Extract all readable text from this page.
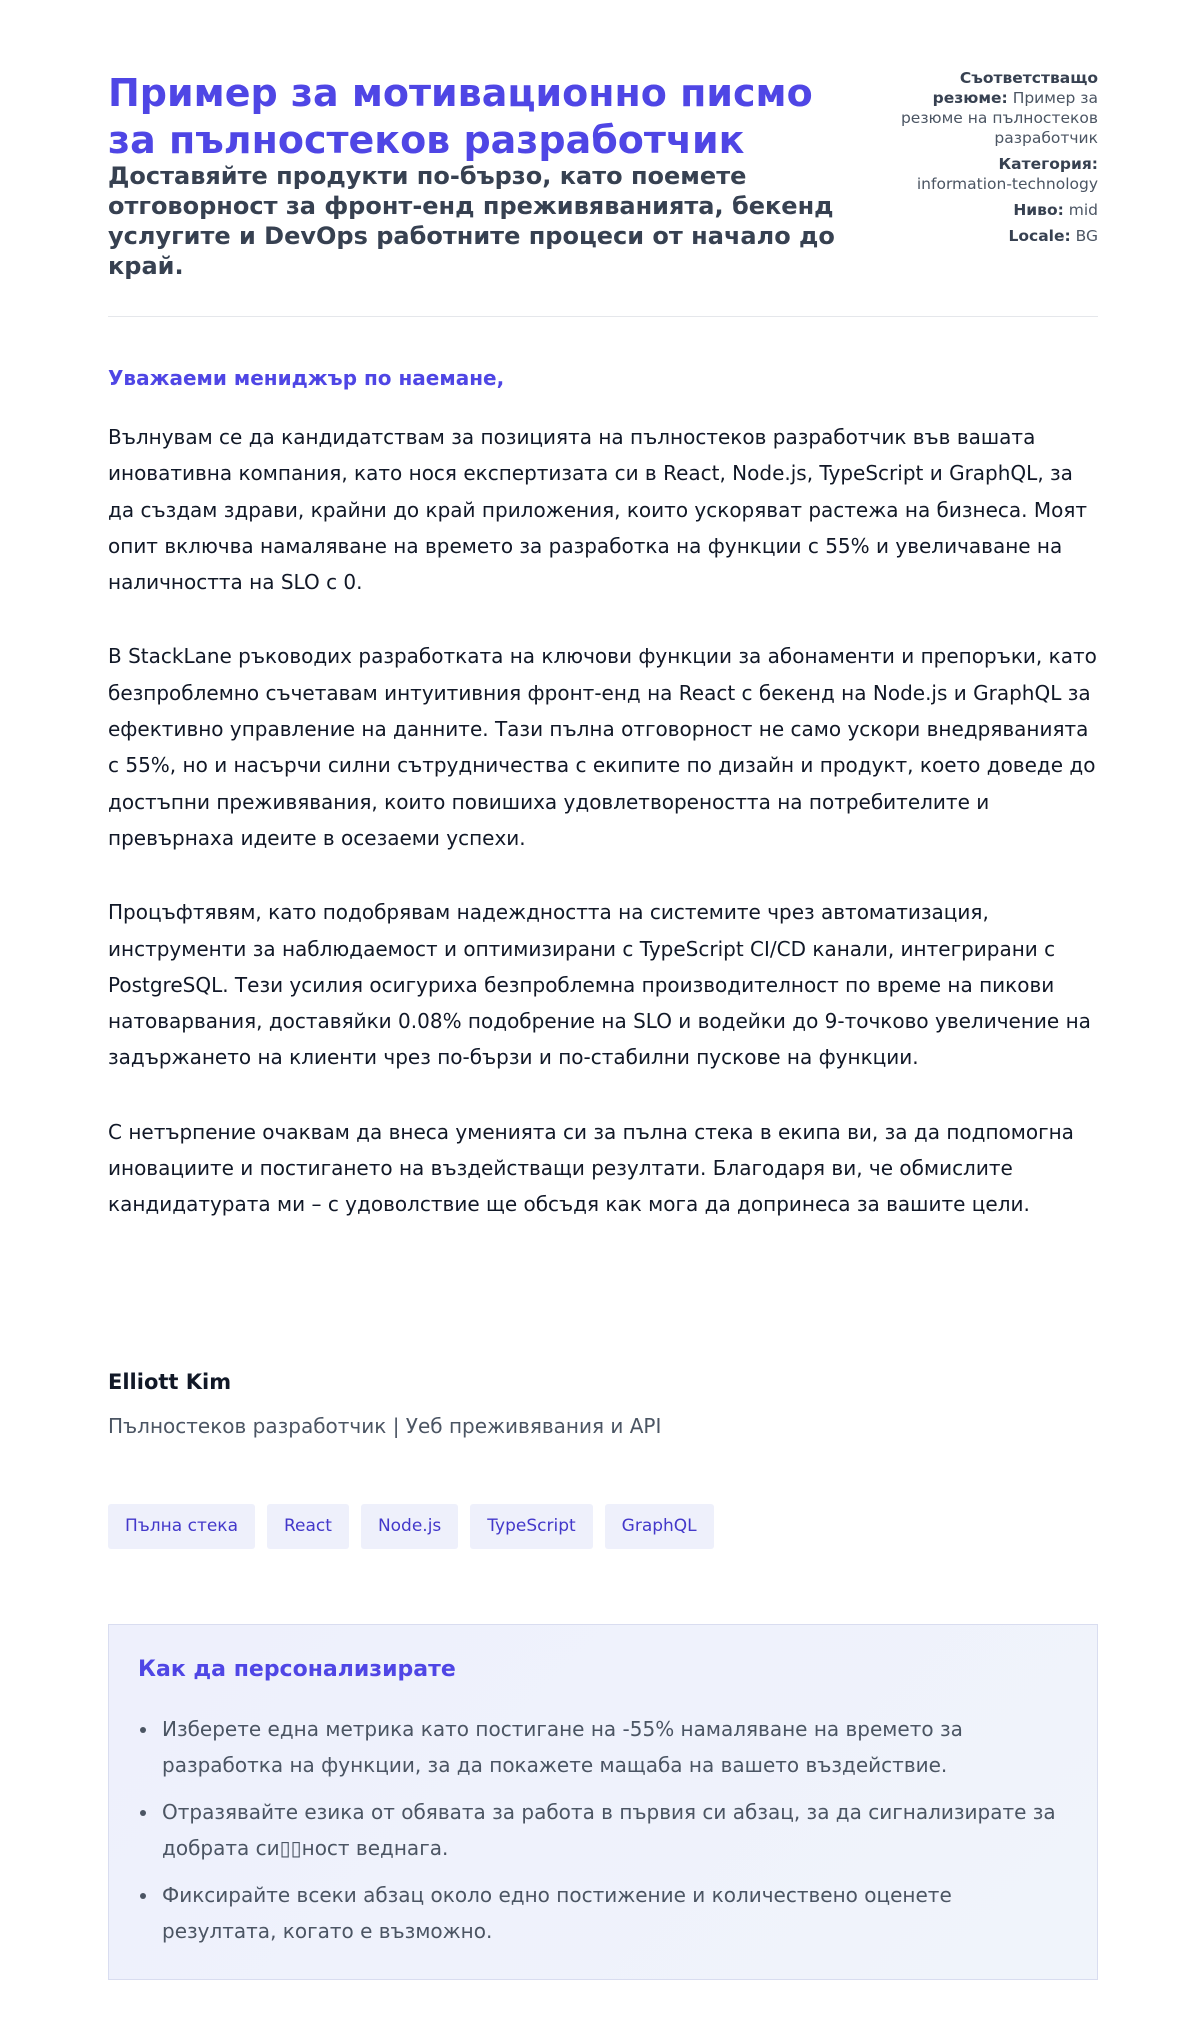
Пример за мотивационно писмо за пълностеков разработчик
Доставяйте продукти по-бързо, като поемете отговорност за фронт-енд преживяванията, бекенд услугите и DevOps работните процеси от начало до край.
Съответстващо резюме: Пример за резюме на пълностеков разработчик
Категория:
information-technology
Ниво: mid
Locale: BG

Уважаеми мениджър по наемане,

Вълнувам се да кандидатствам за позицията на пълностеков разработчик във вашата иновативна компания, като нося експертизата си в React, Node.js, TypeScript и GraphQL, за да създам здрави, крайни до край приложения, които ускоряват растежа на бизнеса. Моят опит включва намаляване на времето за разработка на функции с 55% и увеличаване на наличността на SLO с 0.

В StackLane ръководих разработката на ключови функции за абонаменти и препоръки, като безпроблемно съчетавам интуитивния фронт-енд на React с бекенд на Node.js и GraphQL за ефективно управление на данните. Тази пълна отговорност не само ускори внедряванията с 55%, но и насърчи силни сътрудничества с екипите по дизайн и продукт, което доведе до достъпни преживявания, които повишиха удовлетвореността на потребителите и превърнаха идеите в осезаеми успехи.

Процъфтявям, като подобрявам надеждността на системите чрез автоматизация, инструменти за наблюдаемост и оптимизирани с TypeScript CI/CD канали, интегрирани с PostgreSQL. Тези усилия осигуриха безпроблемна производителност по време на пикови натоварвания, доставяйки 0.08% подобрение на SLO и водейки до 9-точково увеличение на задържането на клиенти чрез по-бързи и по-стабилни пускове на функции.

С нетърпение очаквам да внеса уменията си за пълна стека в екипа ви, за да подпомогна иновациите и постигането на въздействащи резултати. Благодаря ви, че обмислите кандидатурата ми – с удоволствие ще обсъдя как мога да допринеса за вашите цели.

Elliott Kim
Пълностеков разработчик | Уеб преживявания и API
Пълна стека	React	Node.js	TypeScript	GraphQL
Как да персонализирате
Изберете една метрика като постигане на -55% намаляване на времето за разработка на функции, за да покажете мащаба на вашето въздействие.
Отразявайте езика от обявата за работа в първия си абзац, за да сигнализирате за добрата си▯▯ност веднага.
Фиксирайте всеки абзац около едно постижение и количествено оценете резултата, когато е възможно.
